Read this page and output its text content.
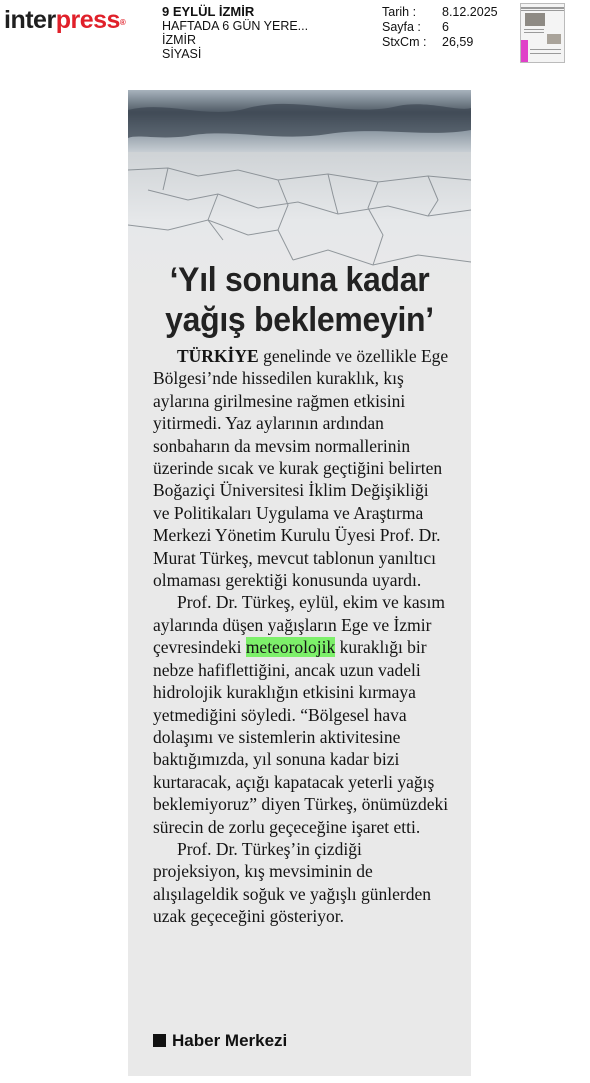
interpress®
9 EYLÜL İZMİR
HAFTADA 6 GÜN YERE...
İZMİR
SİYASİ
Tarih :	8.12.2025
Sayfa :	6
StxCm :	26,59
‘Yıl sonuna kadar
yağış beklemeyin’

TÜRKİYE genelinde ve özellikle Ege Bölgesi’nde hissedilen kuraklık, kış aylarına girilmesine rağmen etkisini yitirmedi. Yaz aylarının ardından sonbaharın da mevsim normallerinin üzerinde sıcak ve kurak geçtiğini belirten Boğaziçi Üniversitesi İklim Değişikliği ve Politikaları Uygulama ve Araştırma Merkezi Yönetim Kurulu Üyesi Prof. Dr. Murat Türkeş, mevcut tablonun yanıltıcı olmaması gerektiği konusunda uyardı.

Prof. Dr. Türkeş, eylül, ekim ve kasım aylarında düşen yağışların Ege ve İzmir çevresindeki meteorolojik kuraklığı bir nebze hafiflettiğini, ancak uzun vadeli hidrolojik kuraklığın etkisini kırmaya yetmediğini söyledi. “Bölgesel hava dolaşımı ve sistemlerin aktivitesine baktığımızda, yıl sonuna kadar bizi kurtaracak, açığı kapatacak yeterli yağış beklemiyoruz” diyen Türkeş, önümüzdeki sürecin de zorlu geçeceğine işaret etti.

Prof. Dr. Türkeş’in çizdiği projeksiyon, kış mevsiminin de alışılageldik soğuk ve yağışlı günlerden uzak geçeceğini gösteriyor.

Haber Merkezi
